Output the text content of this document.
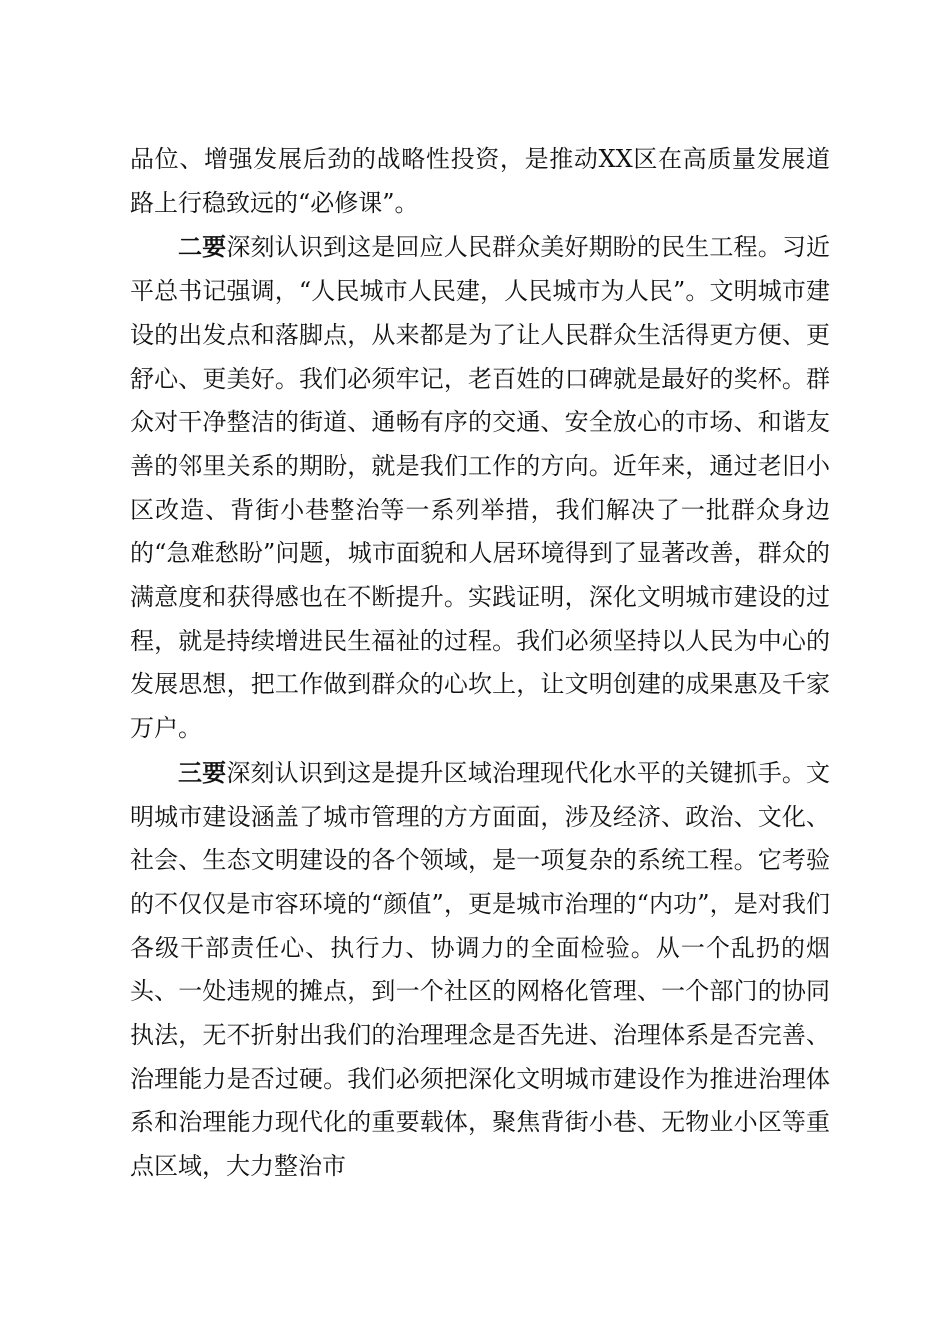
品位、增强发展后劲的战略性投资，是推动XX区在高质量发展道路上行稳致远的“必修课”。

二要深刻认识到这是回应人民群众美好期盼的民生工程。习近平总书记强调，“人民城市人民建，人民城市为人民”。文明城市建设的出发点和落脚点，从来都是为了让人民群众生活得更方便、更舒心、更美好。我们必须牢记，老百姓的口碑就是最好的奖杯。群众对干净整洁的街道、通畅有序的交通、安全放心的市场、和谐友善的邻里关系的期盼，就是我们工作的方向。近年来，通过老旧小区改造、背街小巷整治等一系列举措，我们解决了一批群众身边的“急难愁盼”问题，城市面貌和人居环境得到了显著改善，群众的满意度和获得感也在不断提升。实践证明，深化文明城市建设的过程，就是持续增进民生福祉的过程。我们必须坚持以人民为中心的发展思想，把工作做到群众的心坎上，让文明创建的成果惠及千家万户。

三要深刻认识到这是提升区域治理现代化水平的关键抓手。文明城市建设涵盖了城市管理的方方面面，涉及经济、政治、文化、社会、生态文明建设的各个领域，是一项复杂的系统工程。它考验的不仅仅是市容环境的“颜值”，更是城市治理的“内功”，是对我们各级干部责任心、执行力、协调力的全面检验。从一个乱扔的烟头、一处违规的摊点，到一个社区的网格化管理、一个部门的协同执法，无不折射出我们的治理理念是否先进、治理体系是否完善、治理能力是否过硬。我们必须把深化文明城市建设作为推进治理体系和治理能力现代化的重要载体，聚焦背街小巷、无物业小区等重点区域，大力整治市
